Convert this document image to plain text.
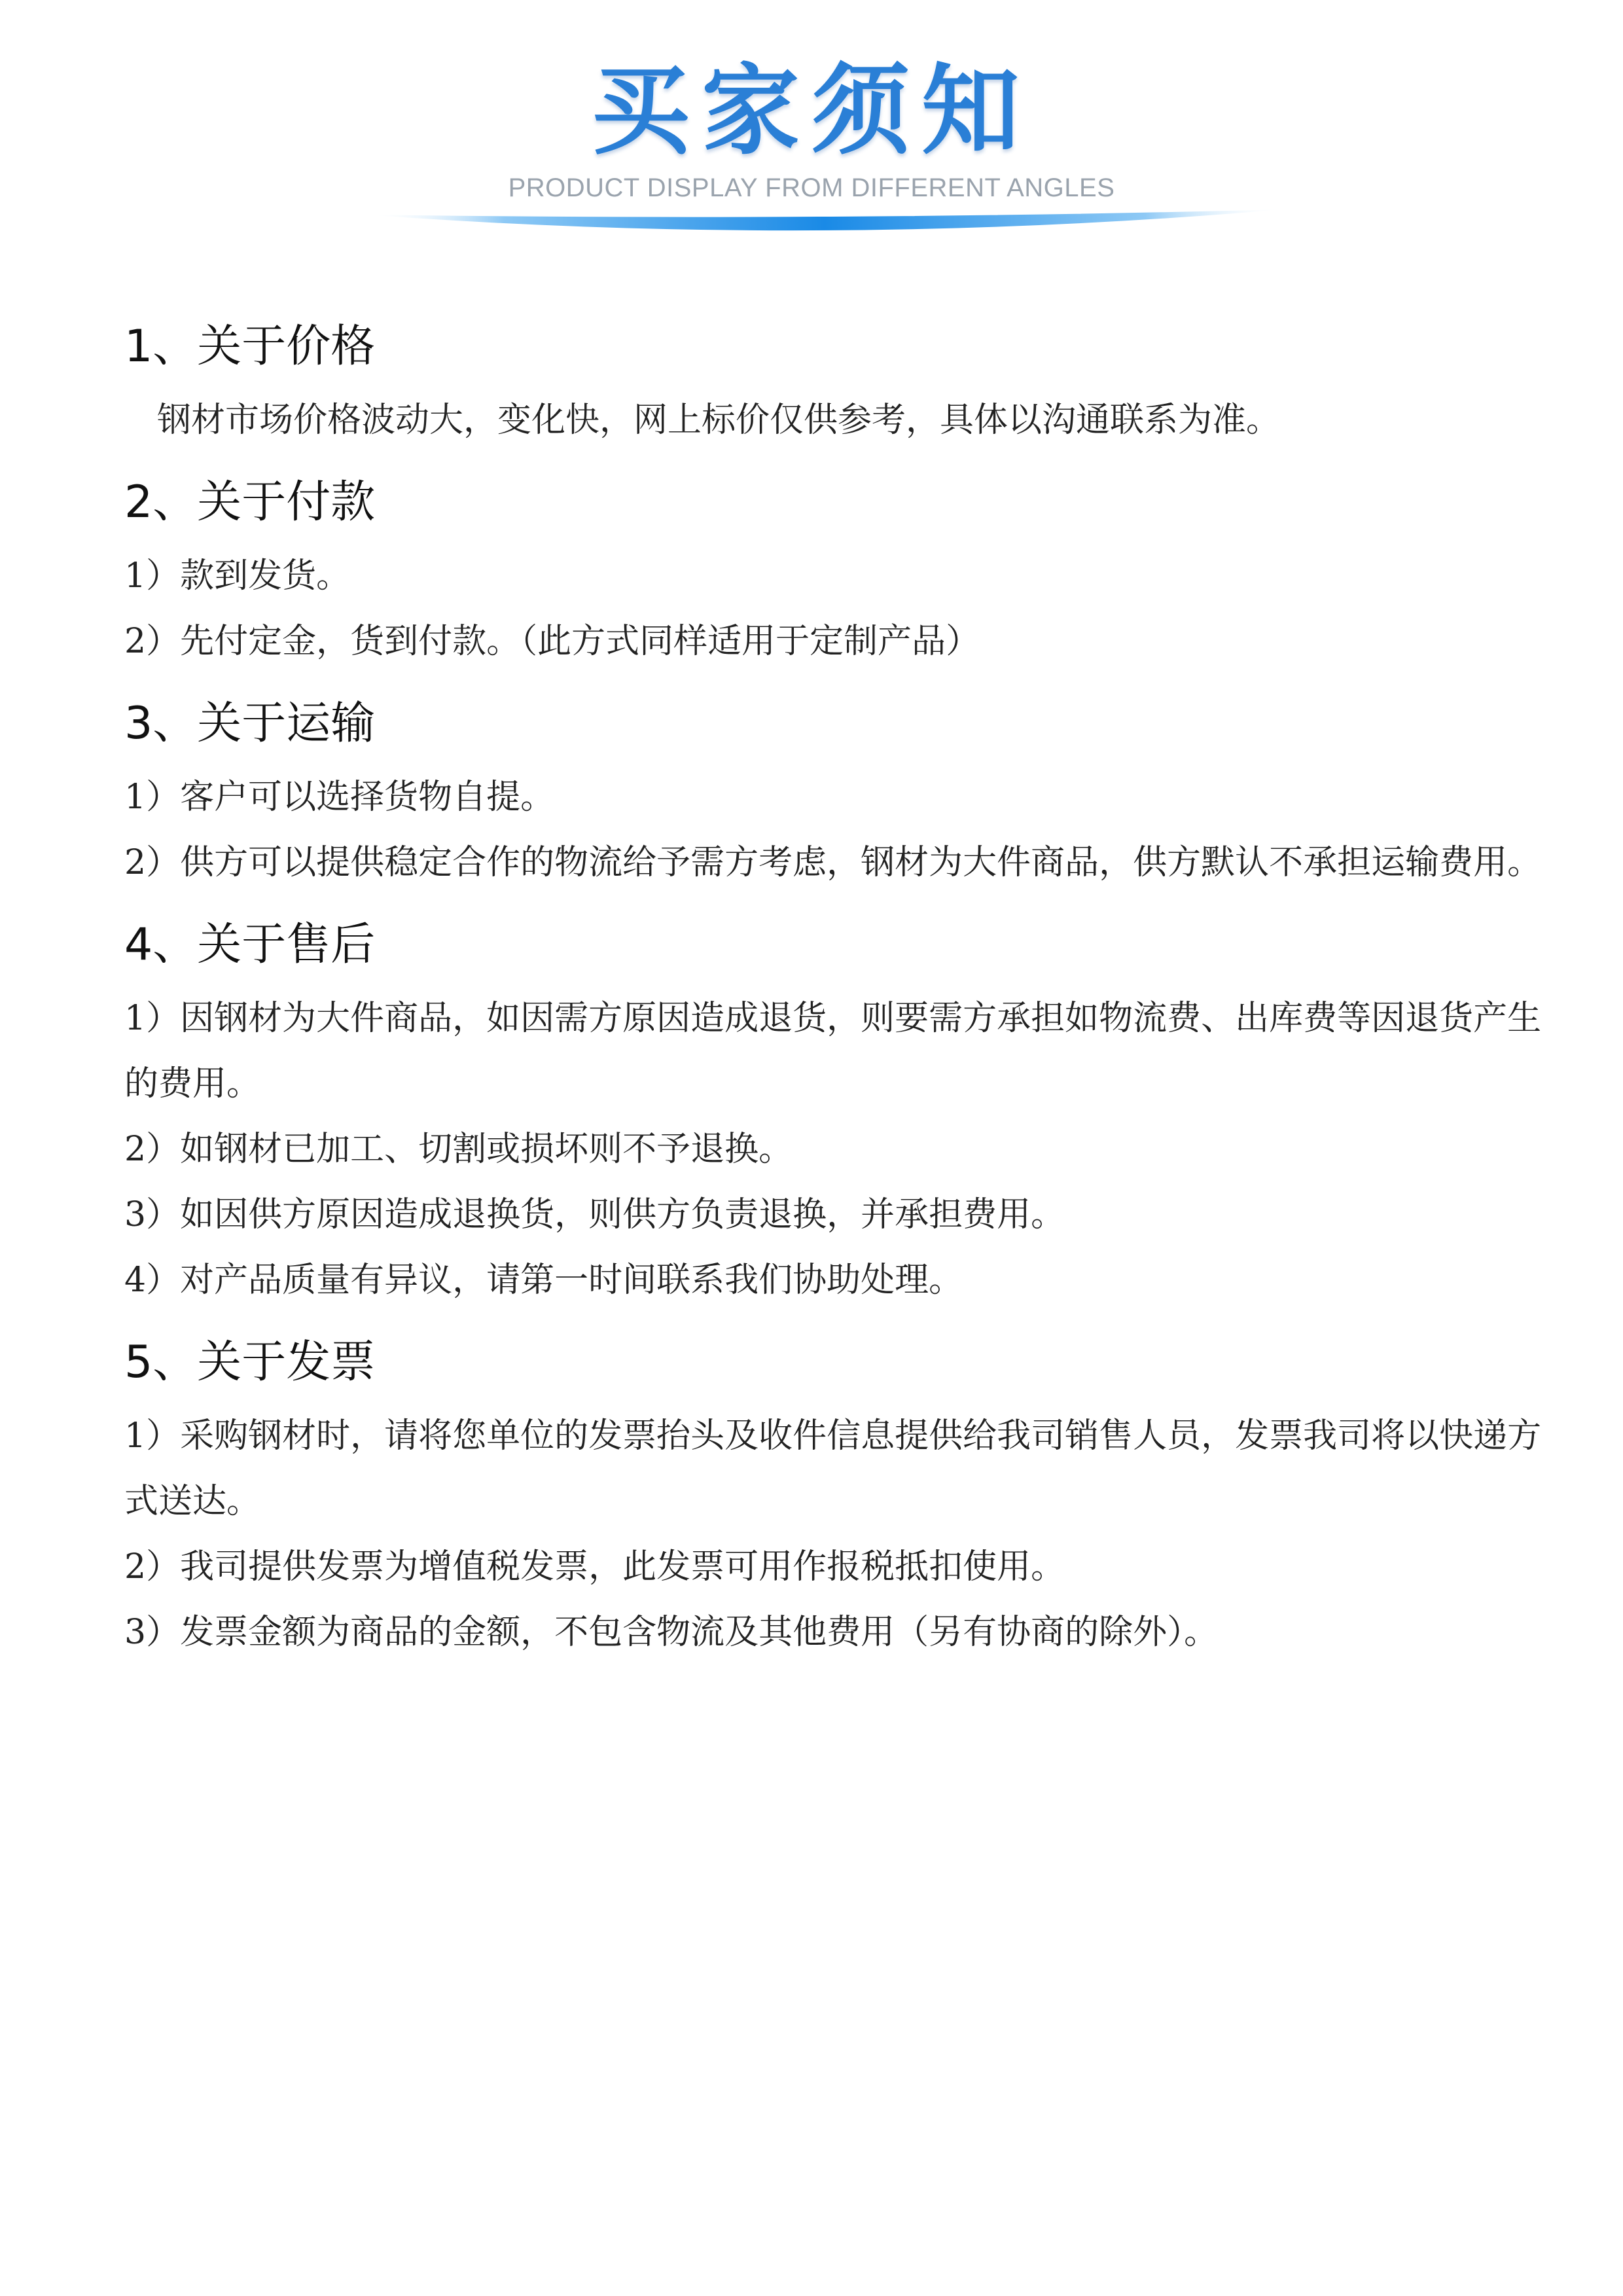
买家须知
PRODUCT DISPLAY FROM DIFFERENT ANGLES
1、关于价格
钢材市场价格波动大，变化快，网上标价仅供参考，具体以沟通联系为准。
2、关于付款
1）款到发货。
2）先付定金，货到付款。（此方式同样适用于定制产品）
3、关于运输
1）客户可以选择货物自提。
2）供方可以提供稳定合作的物流给予需方考虑，钢材为大件商品，供方默认不承担运输费用。
4、关于售后
1）因钢材为大件商品，如因需方原因造成退货，则要需方承担如物流费、出库费等因退货产生的费用。
2）如钢材已加工、切割或损坏则不予退换。
3）如因供方原因造成退换货，则供方负责退换，并承担费用。
4）对产品质量有异议，请第一时间联系我们协助处理。
5、关于发票
1）采购钢材时，请将您单位的发票抬头及收件信息提供给我司销售人员，发票我司将以快递方式送达。
2）我司提供发票为增值税发票，此发票可用作报税抵扣使用。
3）发票金额为商品的金额，不包含物流及其他费用（另有协商的除外）。
